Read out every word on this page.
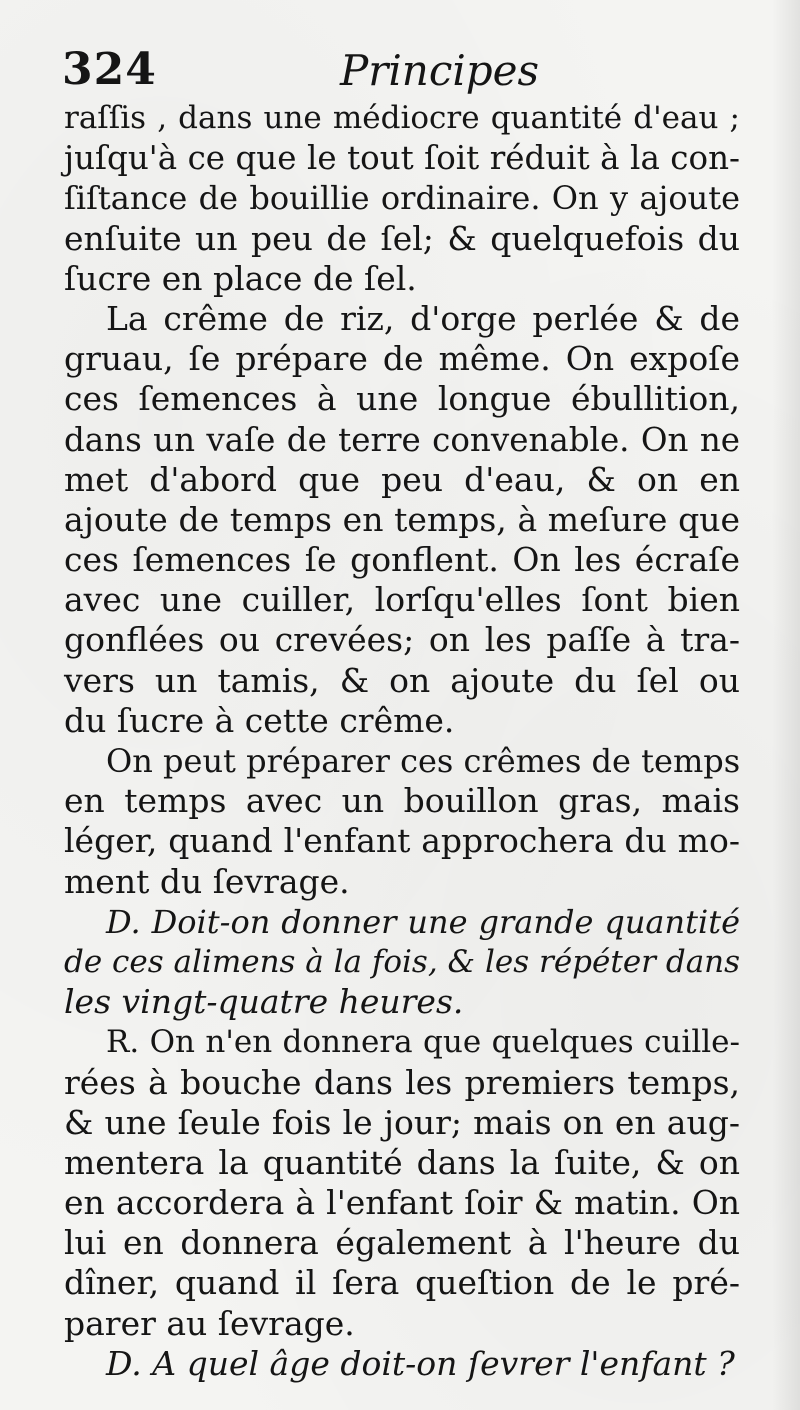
324	Principes
raſſis , dans une médiocre quantité d'eau ;
juſqu'à ce que le tout ſoit réduit à la con-
ſiſtance de bouillie ordinaire. On y ajoute
enſuite un peu de ſel; & quelquefois du
ſucre en place de ſel.
La crême de riz, d'orge perlée & de
gruau, ſe prépare de même. On expoſe
ces ſemences à une longue ébullition,
dans un vaſe de terre convenable. On ne
met d'abord que peu d'eau, & on en
ajoute de temps en temps, à meſure que
ces ſemences ſe gonflent. On les écraſe
avec une cuiller, lorſqu'elles ſont bien
gonflées ou crevées; on les paſſe à tra-
vers un tamis, & on ajoute du ſel ou
du ſucre à cette crême.
On peut préparer ces crêmes de temps
en temps avec un bouillon gras, mais
léger, quand l'enfant approchera du mo-
ment du ſevrage.
D. Doit-on donner une grande quantité
de ces alimens à la fois, & les répéter dans
les vingt-quatre heures.
R. On n'en donnera que quelques cuille-
rées à bouche dans les premiers temps,
& une ſeule fois le jour; mais on en aug-
mentera la quantité dans la ſuite, & on
en accordera à l'enfant ſoir & matin. On
lui en donnera également à l'heure du
dîner, quand il ſera queſtion de le pré-
parer au ſevrage.
D. A quel âge doit-on ſevrer l'enfant ?
